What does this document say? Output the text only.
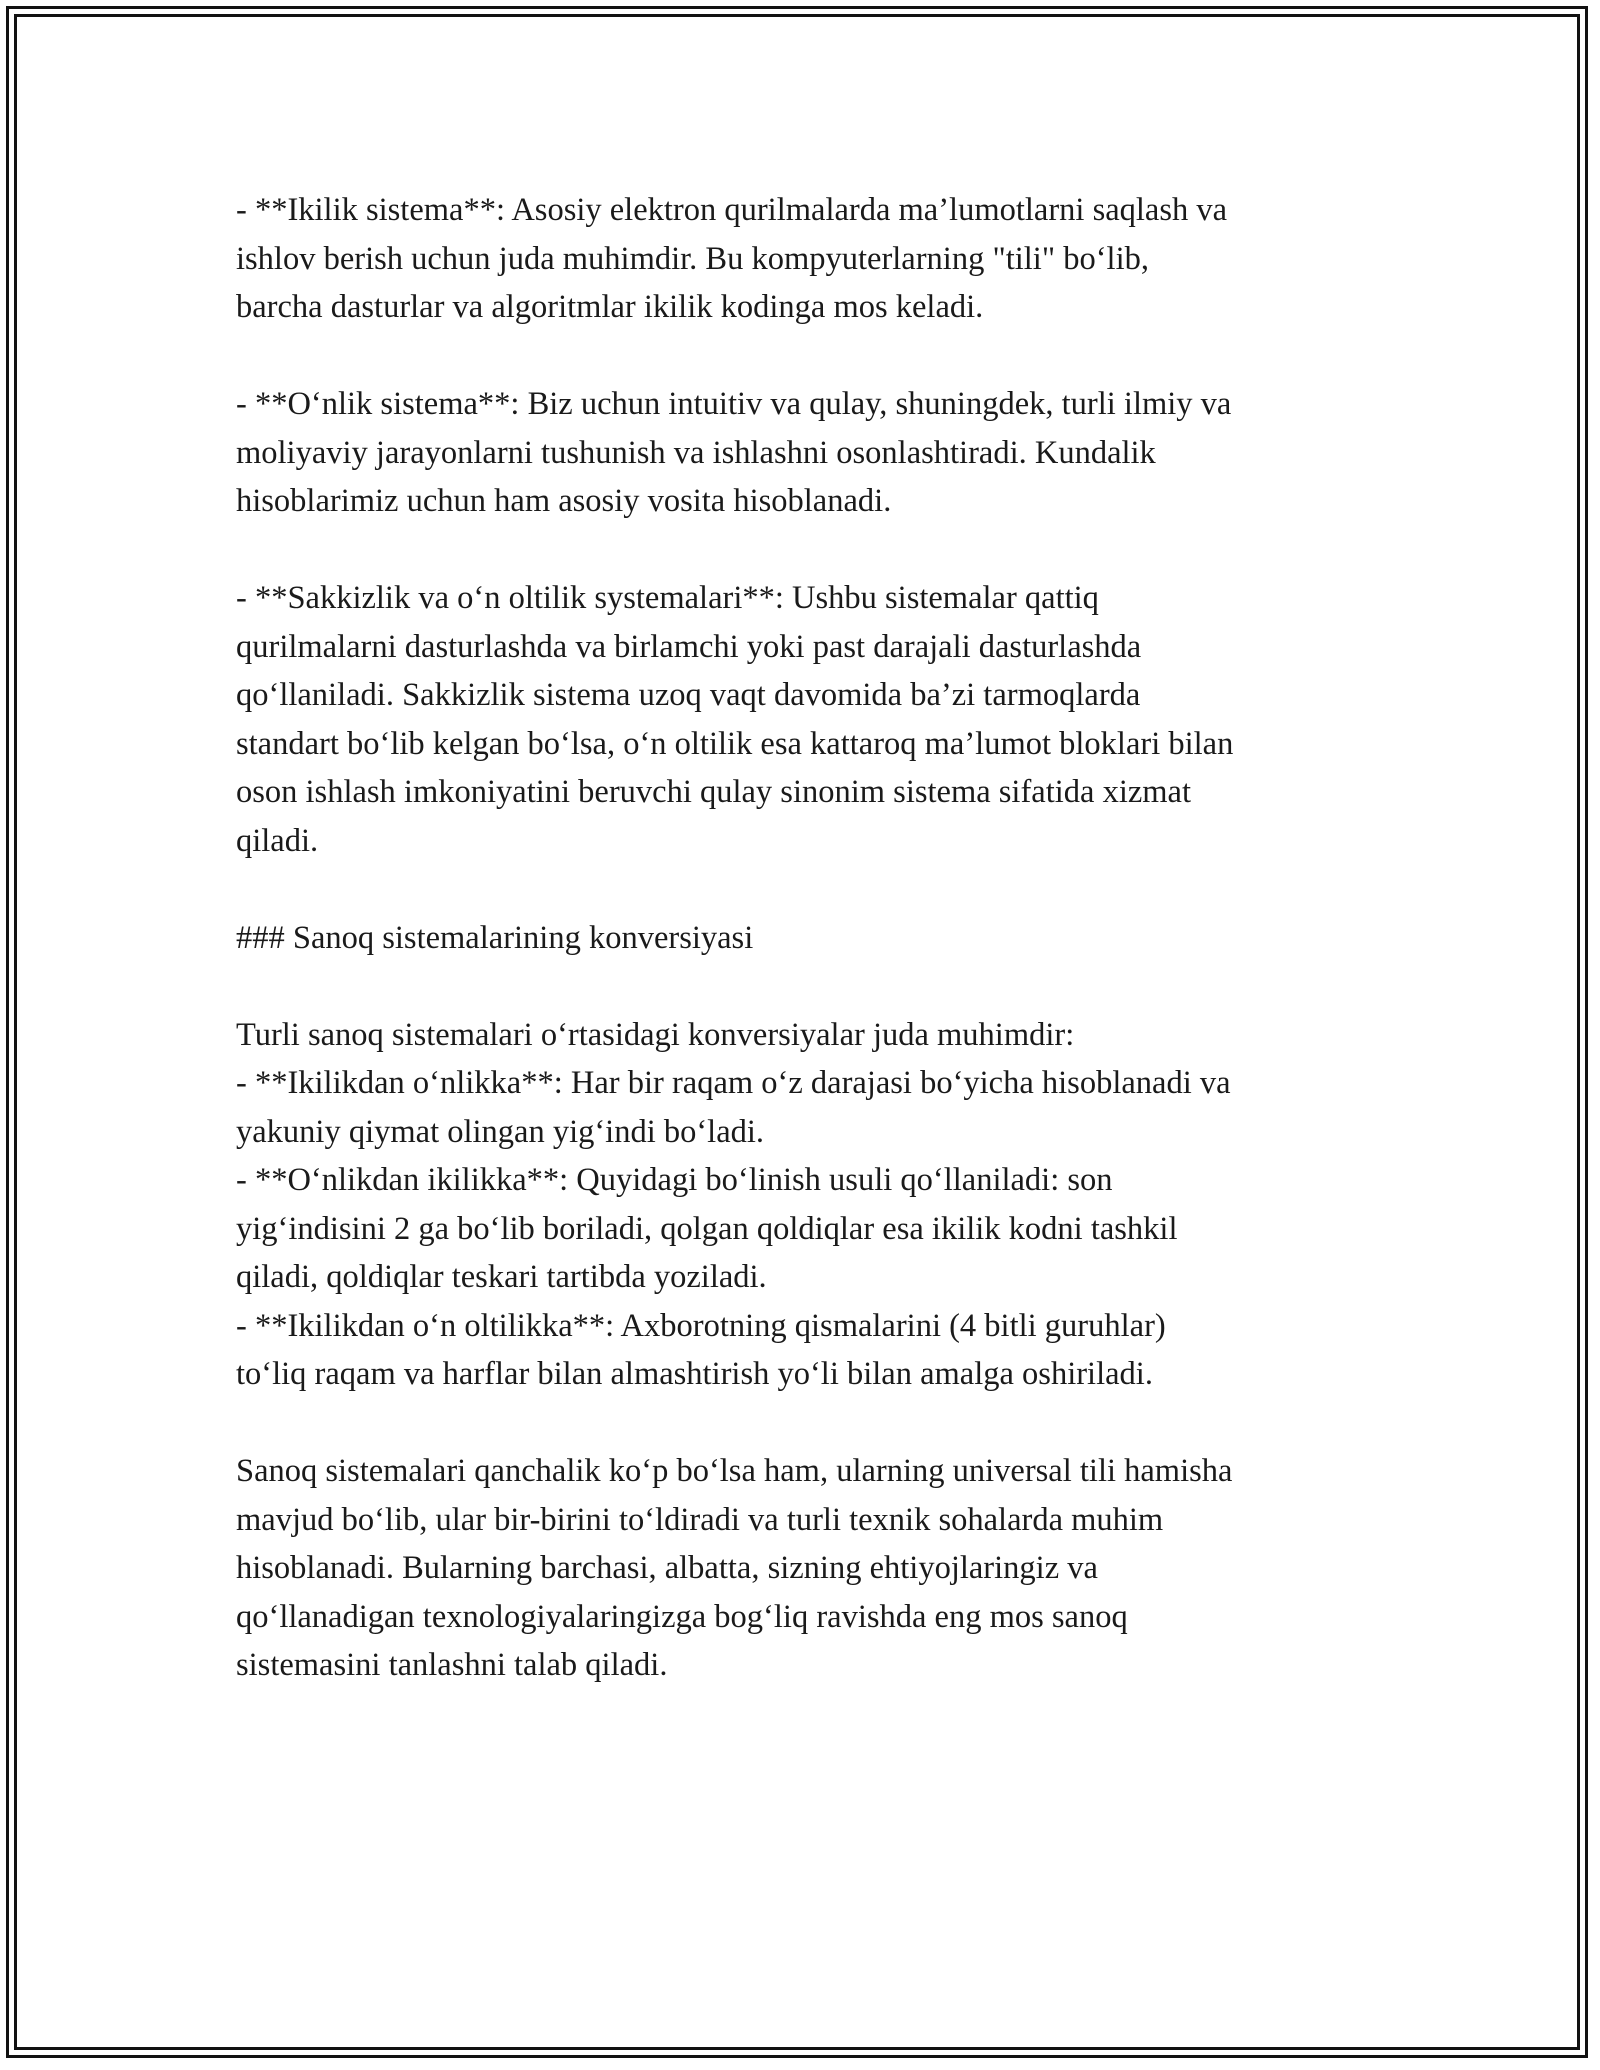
- **Ikilik sistema**: Asosiy elektron qurilmalarda ma’lumotlarni saqlash va
ishlov berish uchun juda muhimdir. Bu kompyuterlarning "tili" bo‘lib,
barcha dasturlar va algoritmlar ikilik kodinga mos keladi.
- **O‘nlik sistema**: Biz uchun intuitiv va qulay, shuningdek, turli ilmiy va
moliyaviy jarayonlarni tushunish va ishlashni osonlashtiradi. Kundalik
hisoblarimiz uchun ham asosiy vosita hisoblanadi.
- **Sakkizlik va o‘n oltilik systemalari**: Ushbu sistemalar qattiq
qurilmalarni dasturlashda va birlamchi yoki past darajali dasturlashda
qo‘llaniladi. Sakkizlik sistema uzoq vaqt davomida ba’zi tarmoqlarda
standart bo‘lib kelgan bo‘lsa, o‘n oltilik esa kattaroq ma’lumot bloklari bilan
oson ishlash imkoniyatini beruvchi qulay sinonim sistema sifatida xizmat
qiladi.
### Sanoq sistemalarining konversiyasi
Turli sanoq sistemalari o‘rtasidagi konversiyalar juda muhimdir:
- **Ikilikdan o‘nlikka**: Har bir raqam o‘z darajasi bo‘yicha hisoblanadi va
yakuniy qiymat olingan yig‘indi bo‘ladi.
- **O‘nlikdan ikilikka**: Quyidagi bo‘linish usuli qo‘llaniladi: son
yig‘indisini 2 ga bo‘lib boriladi, qolgan qoldiqlar esa ikilik kodni tashkil
qiladi, qoldiqlar teskari tartibda yoziladi.
- **Ikilikdan o‘n oltilikka**: Axborotning qismalarini (4 bitli guruhlar)
to‘liq raqam va harflar bilan almashtirish yo‘li bilan amalga oshiriladi.
Sanoq sistemalari qanchalik ko‘p bo‘lsa ham, ularning universal tili hamisha
mavjud bo‘lib, ular bir-birini to‘ldiradi va turli texnik sohalarda muhim
hisoblanadi. Bularning barchasi, albatta, sizning ehtiyojlaringiz va
qo‘llanadigan texnologiyalaringizga bog‘liq ravishda eng mos sanoq
sistemasini tanlashni talab qiladi.
